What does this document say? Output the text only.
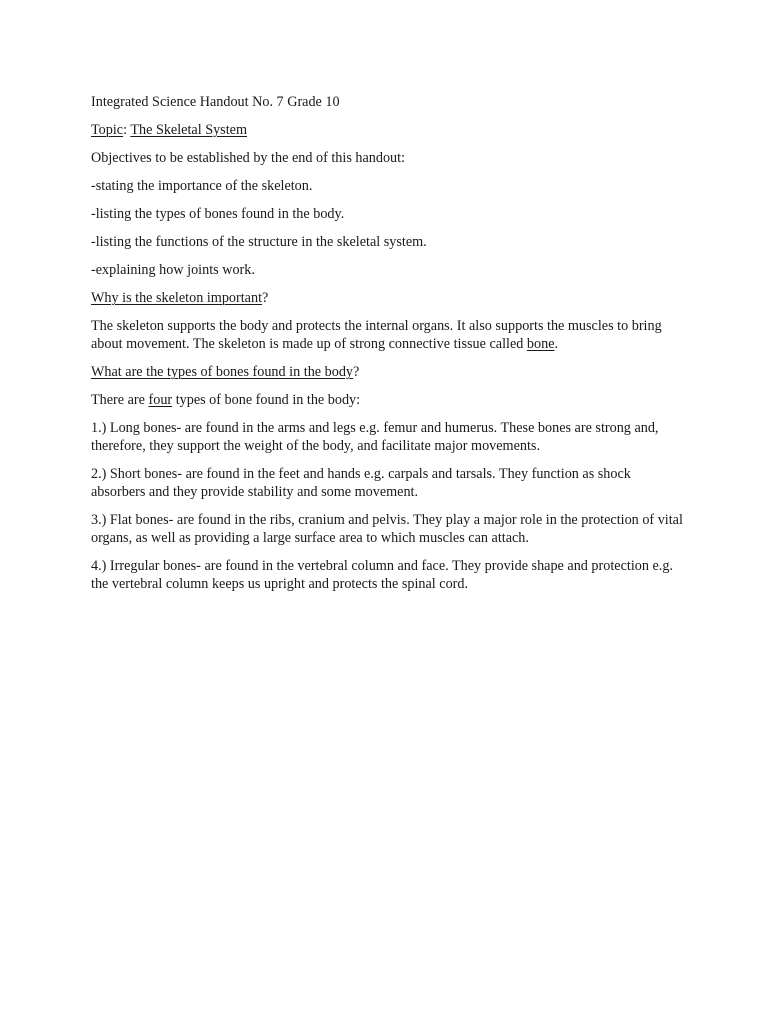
Integrated Science Handout No. 7 Grade 10

Topic: The Skeletal System

Objectives to be established by the end of this handout:

-stating the importance of the skeleton.

-listing the types of bones found in the body.

-listing the functions of the structure in the skeletal system.

-explaining how joints work.

Why is the skeleton important?

The skeleton supports the body and protects the internal organs. It also supports the muscles to bring about movement. The skeleton is made up of strong connective tissue called bone.

What are the types of bones found in the body?

There are four types of bone found in the body:

1.) Long bones- are found in the arms and legs e.g. femur and humerus. These bones are strong and, therefore, they support the weight of the body, and facilitate major movements.

2.) Short bones- are found in the feet and hands e.g. carpals and tarsals. They function as shock absorbers and they provide stability and some movement.

3.) Flat bones- are found in the ribs, cranium and pelvis. They play a major role in the protection of vital organs, as well as providing a large surface area to which muscles can attach.

4.) Irregular bones- are found in the vertebral column and face. They provide shape and protection e.g. the vertebral column keeps us upright and protects the spinal cord.
